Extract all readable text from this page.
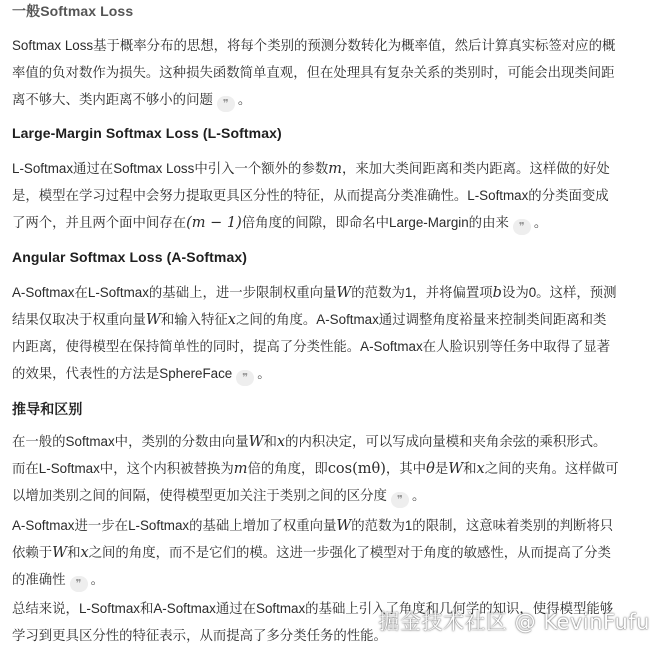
一般Softmax Loss
Softmax Loss基于概率分布的思想，将每个类别的预测分数转化为概率值，然后计算真实标签对应的概
率值的负对数作为损失。这种损失函数简单直观，但在处理具有复杂关系的类别时，可能会出现类间距
离不够大、类内距离不够小的问题 ❞ 。
Large-Margin Softmax Loss (L-Softmax)
L-Softmax通过在Softmax Loss中引入一个额外的参数m，来加大类间距离和类内距离。这样做的好处
是，模型在学习过程中会努力提取更具区分性的特征，从而提高分类准确性。L-Softmax的分类面变成
了两个，并且两个面中间存在(m − 1)倍角度的间隙，即命名中Large-Margin的由来 ❞ 。
Angular Softmax Loss (A-Softmax)
A-Softmax在L-Softmax的基础上，进一步限制权重向量W的范数为1，并将偏置项b设为0。这样，预测
结果仅取决于权重向量W和输入特征x之间的角度。A-Softmax通过调整角度裕量来控制类间距离和类
内距离，使得模型在保持简单性的同时，提高了分类性能。A-Softmax在人脸识别等任务中取得了显著
的效果，代表性的方法是SphereFace ❞ 。
推导和区别
在一般的Softmax中，类别的分数由向量W和x的内积决定，可以写成向量模和夹角余弦的乘积形式。
而在L-Softmax中，这个内积被替换为m倍的角度，即cos(mθ)，其中θ是W和x之间的夹角。这样做可
以增加类别之间的间隔，使得模型更加关注于类别之间的区分度 ❞ 。
A-Softmax进一步在L-Softmax的基础上增加了权重向量W的范数为1的限制，这意味着类别的判断将只
依赖于W和x之间的角度，而不是它们的模。这进一步强化了模型对于角度的敏感性，从而提高了分类
的准确性 ❞ 。
总结来说，L-Softmax和A-Softmax通过在Softmax的基础上引入了角度和几何学的知识，使得模型能够
学习到更具区分性的特征表示，从而提高了多分类任务的性能。
掘金技术社区 @ KevinFufu
